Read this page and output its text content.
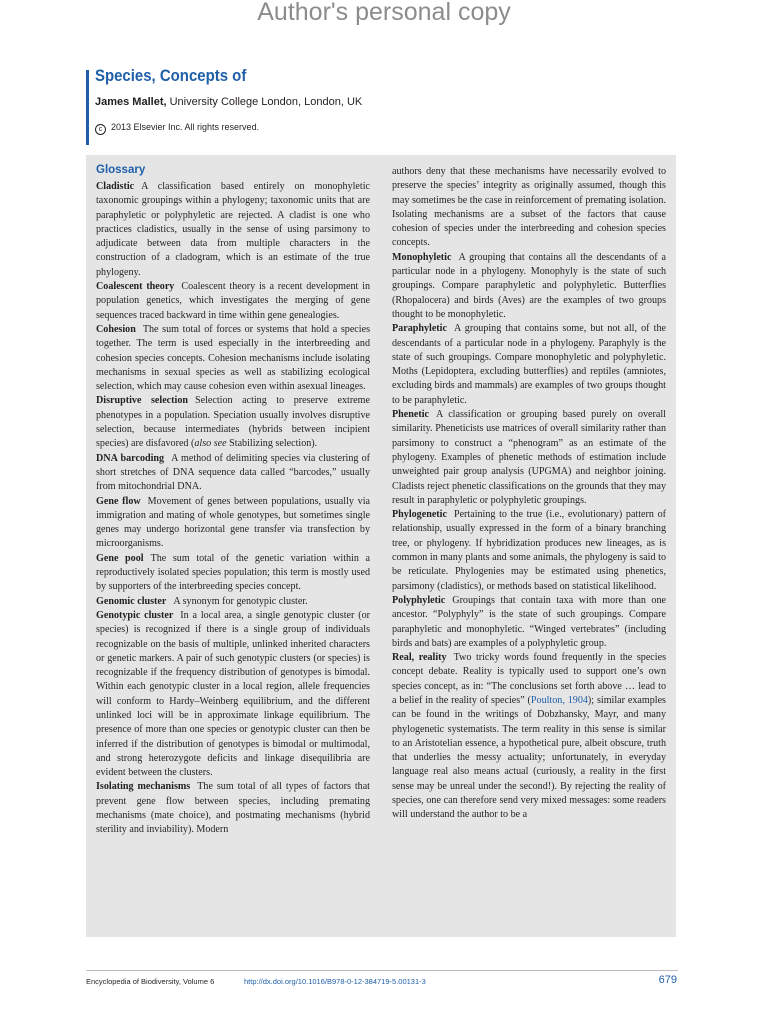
Author's personal copy
Species, Concepts of
James Mallet, University College London, London, UK
c 2013 Elsevier Inc. All rights reserved.
Glossary

Cladistic A classification based entirely on monophyletic taxonomic groupings within a phylogeny; taxonomic units that are paraphyletic or polyphyletic are rejected. A cladist is one who practices cladistics, usually in the sense of using parsimony to adjudicate between data from multiple characters in the construction of a cladogram, which is an estimate of the true phylogeny.

Coalescent theory Coalescent theory is a recent development in population genetics, which investigates the merging of gene sequences traced backward in time within gene genealogies.

Cohesion The sum total of forces or systems that hold a species together. The term is used especially in the interbreeding and cohesion species concepts. Cohesion mechanisms include isolating mechanisms in sexual species as well as stabilizing ecological selection, which may cause cohesion even within asexual lineages.

Disruptive selection Selection acting to preserve extreme phenotypes in a population. Speciation usually involves disruptive selection, because intermediates (hybrids between incipient species) are disfavored (also see Stabilizing selection).

DNA barcoding A method of delimiting species via clustering of short stretches of DNA sequence data called “barcodes,” usually from mitochondrial DNA.

Gene flow Movement of genes between populations, usually via immigration and mating of whole genotypes, but sometimes single genes may undergo horizontal gene transfer via transfection by microorganisms.

Gene pool The sum total of the genetic variation within a reproductively isolated species population; this term is mostly used by supporters of the interbreeding species concept.

Genomic cluster A synonym for genotypic cluster.

Genotypic cluster In a local area, a single genotypic cluster (or species) is recognized if there is a single group of individuals recognizable on the basis of multiple, unlinked inherited characters or genetic markers. A pair of such genotypic clusters (or species) is recognizable if the frequency distribution of genotypes is bimodal. Within each genotypic cluster in a local region, allele frequencies will conform to Hardy–Weinberg equilibrium, and the different unlinked loci will be in approximate linkage equilibrium. The presence of more than one species or genotypic cluster can then be inferred if the distribution of genotypes is bimodal or multimodal, and strong heterozygote deficits and linkage disequilibria are evident between the clusters.

Isolating mechanisms The sum total of all types of factors that prevent gene flow between species, including premating mechanisms (mate choice), and postmating mechanisms (hybrid sterility and inviability). Modern

authors deny that these mechanisms have necessarily evolved to preserve the species’ integrity as originally assumed, though this may sometimes be the case in reinforcement of premating isolation. Isolating mechanisms are a subset of the factors that cause cohesion of species under the interbreeding and cohesion species concepts.

Monophyletic A grouping that contains all the descendants of a particular node in a phylogeny. Monophyly is the state of such groupings. Compare paraphyletic and polyphyletic. Butterflies (Rhopalocera) and birds (Aves) are the examples of two groups thought to be monophyletic.

Paraphyletic A grouping that contains some, but not all, of the descendants of a particular node in a phylogeny. Paraphyly is the state of such groupings. Compare monophyletic and polyphyletic. Moths (Lepidoptera, excluding butterflies) and reptiles (amniotes, excluding birds and mammals) are examples of two groups thought to be paraphyletic.

Phenetic A classification or grouping based purely on overall similarity. Pheneticists use matrices of overall similarity rather than parsimony to construct a “phenogram” as an estimate of the phylogeny. Examples of phenetic methods of estimation include unweighted pair group analysis (UPGMA) and neighbor joining. Cladists reject phenetic classifications on the grounds that they may result in paraphyletic or polyphyletic groupings.

Phylogenetic Pertaining to the true (i.e., evolutionary) pattern of relationship, usually expressed in the form of a binary branching tree, or phylogeny. If hybridization produces new lineages, as is common in many plants and some animals, the phylogeny is said to be reticulate. Phylogenies may be estimated using phenetics, parsimony (cladistics), or methods based on statistical likelihood.

Polyphyletic Groupings that contain taxa with more than one ancestor. “Polyphyly” is the state of such groupings. Compare paraphyletic and monophyletic. “Winged vertebrates” (including birds and bats) are examples of a polyphyletic group.

Real, reality Two tricky words found frequently in the species concept debate. Reality is typically used to support one’s own species concept, as in: “The conclusions set forth above … lead to a belief in the reality of species” (Poulton, 1904); similar examples can be found in the writings of Dobzhansky, Mayr, and many phylogenetic systematists. The term reality in this sense is similar to an Aristotelian essence, a hypothetical pure, albeit obscure, truth that underlies the messy actuality; unfortunately, in everyday language real also means actual (curiously, a reality in the first sense may be unreal under the second!). By rejecting the reality of species, one can therefore send very mixed messages: some readers will understand the author to be a

Encyclopedia of Biodiversity, Volume 6	http://dx.doi.org/10.1016/B978-0-12-384719-5.00131-3	679
